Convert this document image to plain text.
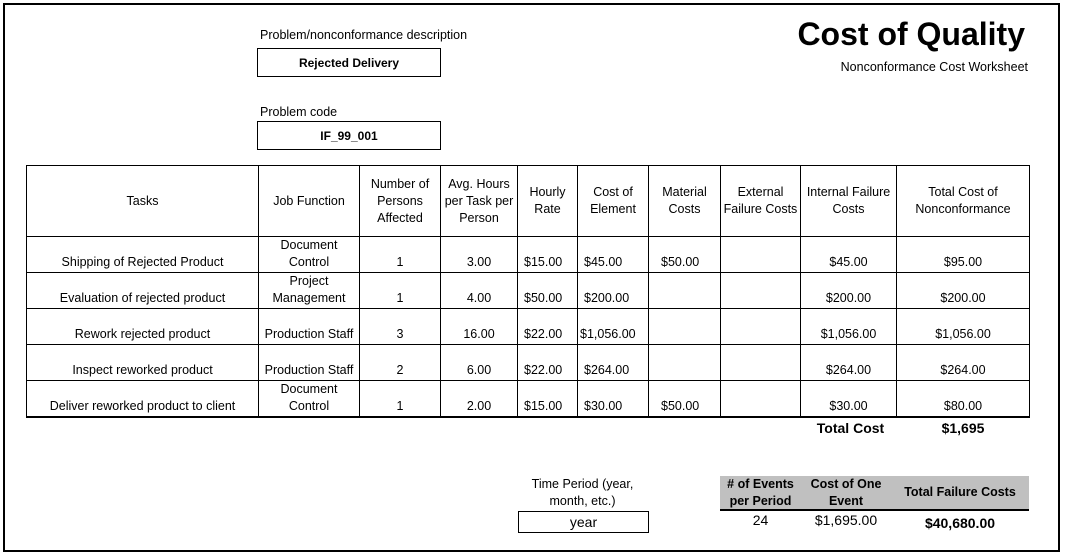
Problem/nonconformance description
Rejected Delivery
Problem code
IF_99_001
Cost of Quality
Nonconformance Cost Worksheet
Tasks	Job Function	Number of Persons Affected	Avg. Hours per Task per Person	Hourly Rate	Cost of Element	Material Costs	External Failure Costs	Internal Failure Costs	Total Cost of Nonconformance
Shipping of Rejected Product	Document Control	1	3.00	$15.00	$45.00	$50.00		$45.00	$95.00
Evaluation of rejected product	Project Management	1	4.00	$50.00	$200.00			$200.00	$200.00
Rework rejected product	Production Staff	3	16.00	$22.00	$1,056.00			$1,056.00	$1,056.00
Inspect reworked product	Production Staff	2	6.00	$22.00	$264.00			$264.00	$264.00
Deliver reworked product to client	Document Control	1	2.00	$15.00	$30.00	$50.00		$30.00	$80.00
Total Cost	$1,695
Time Period (year, month, etc.)
year
# of Events per Period
Cost of One Event
Total Failure Costs
24	$1,695.00	$40,680.00
